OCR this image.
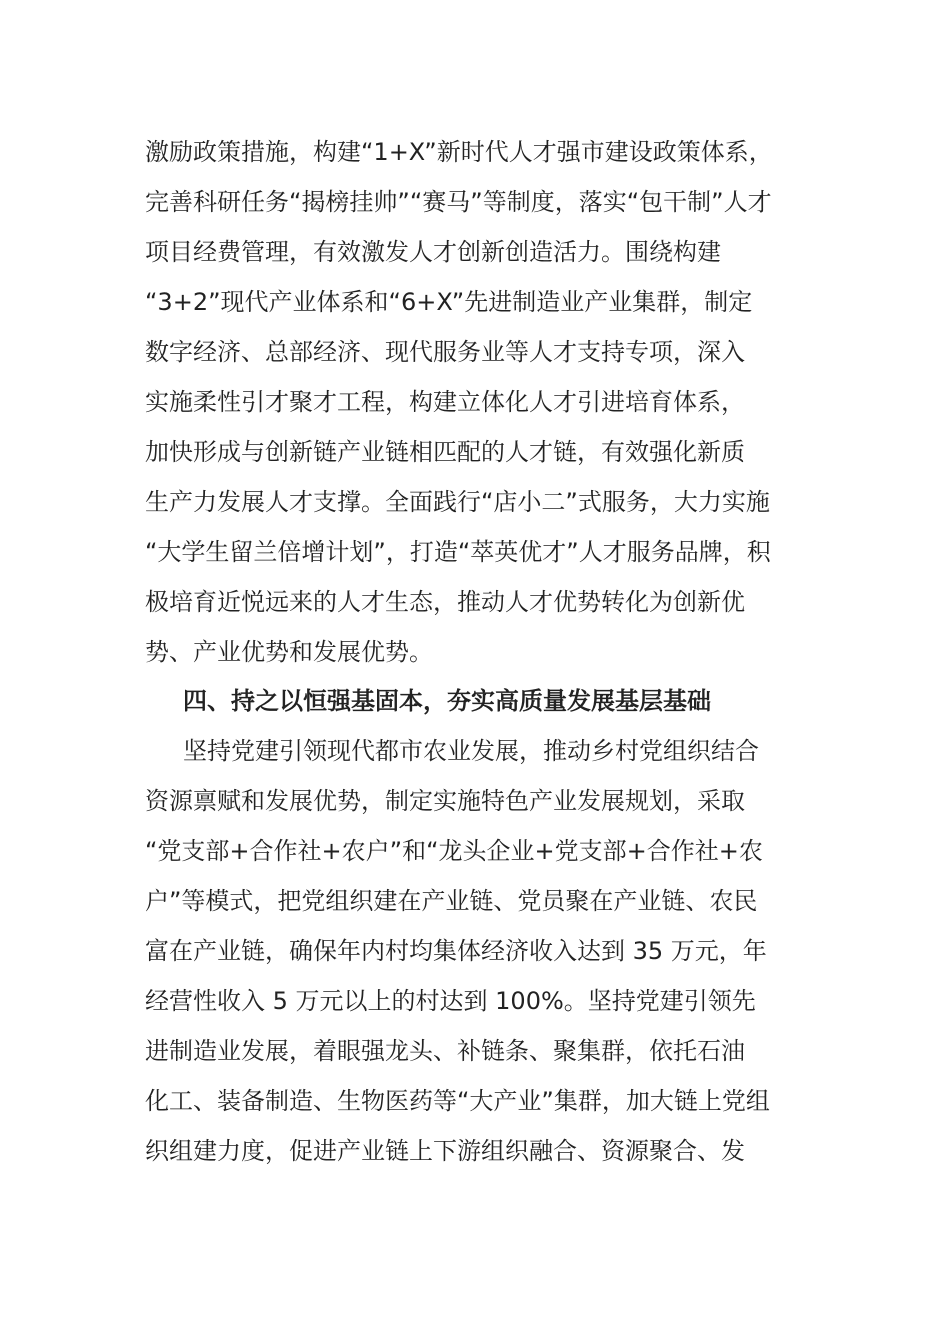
激励政策措施，构建“1+X”新时代人才强市建设政策体系，
完善科研任务“揭榜挂帅”“赛马”等制度，落实“包干制”人才
项目经费管理，有效激发人才创新创造活力。围绕构建
“3+2”现代产业体系和“6+X”先进制造业产业集群，制定
数字经济、总部经济、现代服务业等人才支持专项，深入
实施柔性引才聚才工程，构建立体化人才引进培育体系，
加快形成与创新链产业链相匹配的人才链，有效强化新质
生产力发展人才支撑。全面践行“店小二”式服务，大力实施
“大学生留兰倍增计划”，打造“萃英优才”人才服务品牌，积
极培育近悦远来的人才生态，推动人才优势转化为创新优
势、产业优势和发展优势。
四、持之以恒强基固本，夯实高质量发展基层基础
坚持党建引领现代都市农业发展，推动乡村党组织结合
资源禀赋和发展优势，制定实施特色产业发展规划，采取
“党支部+合作社+农户”和“龙头企业+党支部+合作社+农
户”等模式，把党组织建在产业链、党员聚在产业链、农民
富在产业链，确保年内村均集体经济收入达到 35 万元，年
经营性收入 5 万元以上的村达到 100%。坚持党建引领先
进制造业发展，着眼强龙头、补链条、聚集群，依托石油
化工、装备制造、生物医药等“大产业”集群，加大链上党组
织组建力度，促进产业链上下游组织融合、资源聚合、发
